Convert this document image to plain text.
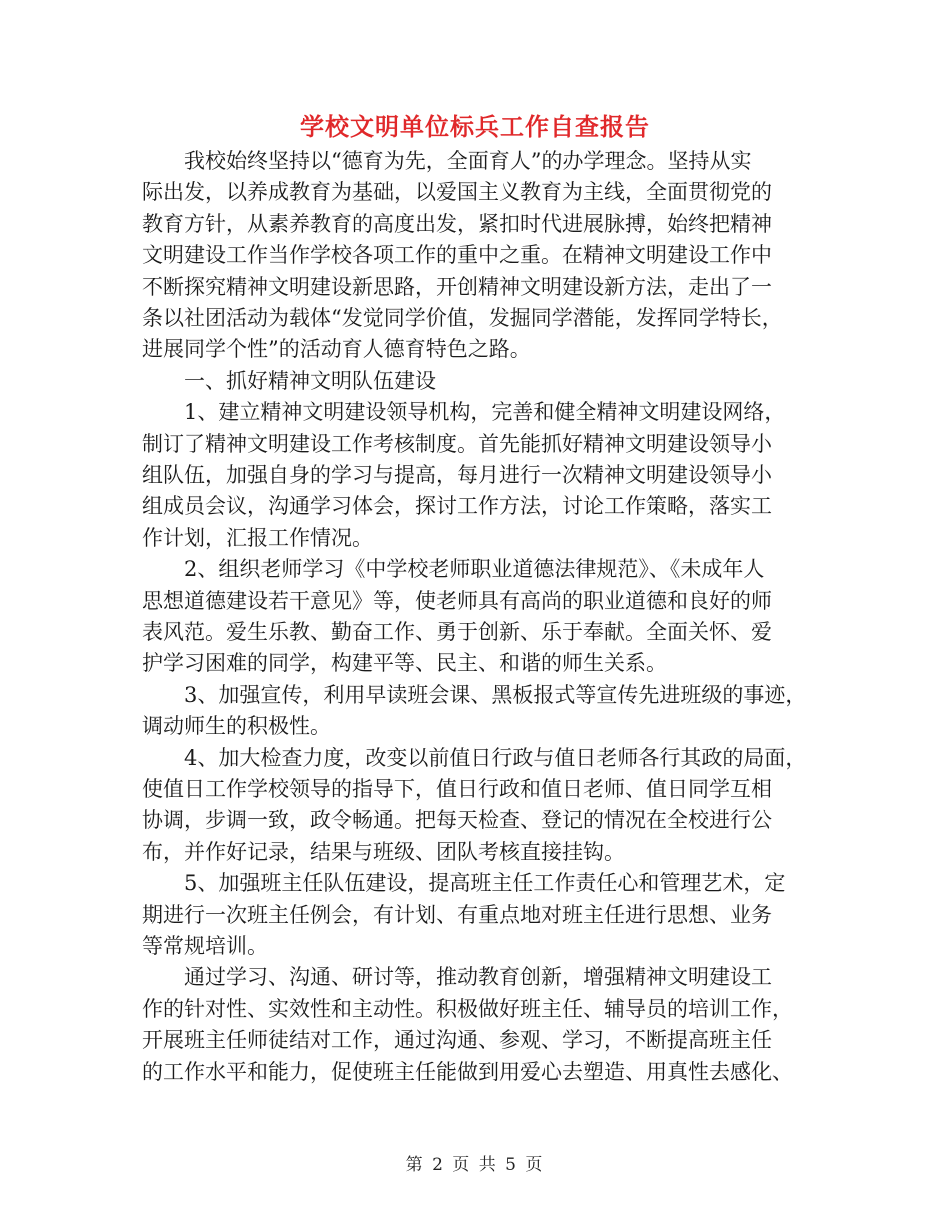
学校文明单位标兵工作自查报告
　　我校始终坚持以“德育为先，全面育人”的办学理念。坚持从实
际出发，以养成教育为基础，以爱国主义教育为主线，全面贯彻党的
教育方针，从素养教育的高度出发，紧扣时代进展脉搏，始终把精神
文明建设工作当作学校各项工作的重中之重。在精神文明建设工作中
不断探究精神文明建设新思路，开创精神文明建设新方法，走出了一
条以社团活动为载体“发觉同学价值，发掘同学潜能，发挥同学特长，
进展同学个性”的活动育人德育特色之路。
　　一、抓好精神文明队伍建设
　　1、建立精神文明建设领导机构，完善和健全精神文明建设网络，
制订了精神文明建设工作考核制度。首先能抓好精神文明建设领导小
组队伍，加强自身的学习与提高，每月进行一次精神文明建设领导小
组成员会议，沟通学习体会，探讨工作方法，讨论工作策略，落实工
作计划，汇报工作情况。
　　2、组织老师学习《中学校老师职业道德法律规范》、《未成年人
思想道德建设若干意见》等，使老师具有高尚的职业道德和良好的师
表风范。爱生乐教、勤奋工作、勇于创新、乐于奉献。全面关怀、爱
护学习困难的同学，构建平等、民主、和谐的师生关系。
　　3、加强宣传，利用早读班会课、黑板报式等宣传先进班级的事迹，
调动师生的积极性。
　　4、加大检查力度，改变以前值日行政与值日老师各行其政的局面，
使值日工作学校领导的指导下，值日行政和值日老师、值日同学互相
协调，步调一致，政令畅通。把每天检查、登记的情况在全校进行公
布，并作好记录，结果与班级、团队考核直接挂钩。
　　5、加强班主任队伍建设，提高班主任工作责任心和管理艺术，定
期进行一次班主任例会，有计划、有重点地对班主任进行思想、业务
等常规培训。
　　通过学习、沟通、研讨等，推动教育创新，增强精神文明建设工
作的针对性、实效性和主动性。积极做好班主任、辅导员的培训工作，
开展班主任师徒结对工作，通过沟通、参观、学习，不断提高班主任
的工作水平和能力，促使班主任能做到用爱心去塑造、用真性去感化、
第 2 页 共 5 页
